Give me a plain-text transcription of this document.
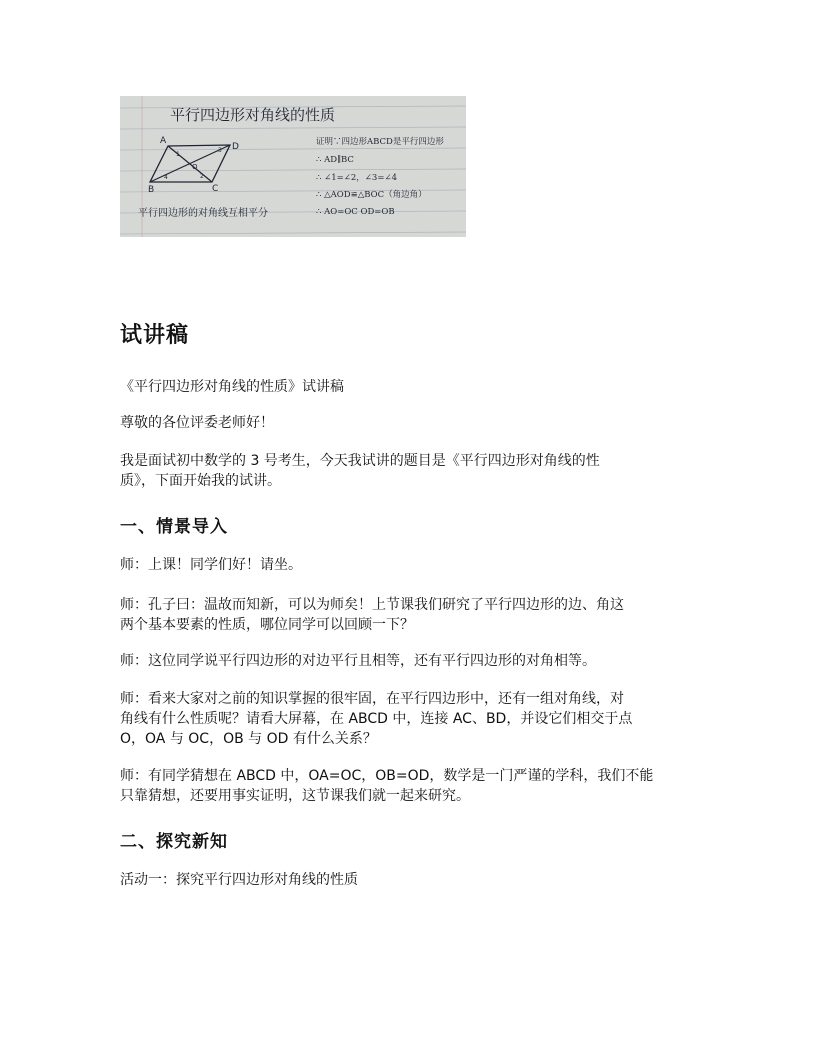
平行四边形对角线的性质
A
D
B	C
O
1
2
3
4
证明∵四边形ABCD是平行四边形
∴ AD∥BC
∴ ∠1=∠2，∠3=∠4
∴ △AOD≌△BOC（角边角）
∴ AO=OC OD=OB
平行四边形的对角线互相平分
试讲稿

《平行四边形对角线的性质》试讲稿

尊敬的各位评委老师好！

我是面试初中数学的 3 号考生，今天我试讲的题目是《平行四边形对角线的性

质》，下面开始我的试讲。

一、情景导入

师：上课！同学们好！请坐。

师：孔子曰：温故而知新，可以为师矣！上节课我们研究了平行四边形的边、角这

两个基本要素的性质，哪位同学可以回顾一下？

师：这位同学说平行四边形的对边平行且相等，还有平行四边形的对角相等。

师：看来大家对之前的知识掌握的很牢固，在平行四边形中，还有一组对角线，对

角线有什么性质呢？请看大屏幕，在 ABCD 中，连接 AC、BD，并设它们相交于点

O，OA 与 OC，OB 与 OD 有什么关系？

师：有同学猜想在 ABCD 中，OA=OC，OB=OD，数学是一门严谨的学科，我们不能

只靠猜想，还要用事实证明，这节课我们就一起来研究。

二、探究新知

活动一：探究平行四边形对角线的性质
